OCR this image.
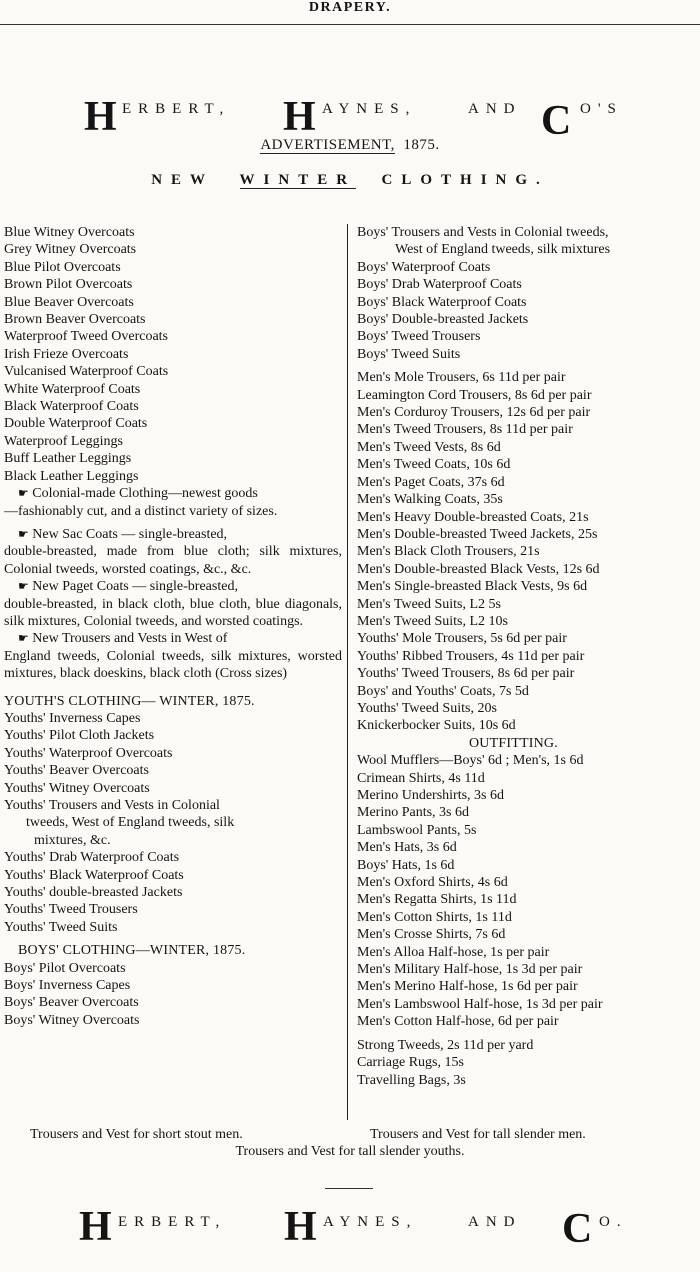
DRAPERY.
H ERBERT, H AYNES,	AND C O'S
ADVERTISEMENT, 1875.
NEW WINTER CLOTHING.
Blue Witney Overcoats
Grey Witney Overcoats
Blue Pilot Overcoats
Brown Pilot Overcoats
Blue Beaver Overcoats
Brown Beaver Overcoats
Waterproof Tweed Overcoats
Irish Frieze Overcoats
Vulcanised Waterproof Coats
White Waterproof Coats
Black Waterproof Coats
Double Waterproof Coats
Waterproof Leggings
Buff Leather Leggings
Black Leather Leggings
☛ Colonial-made Clothing—newest goods
—fashionably cut, and a distinct variety of sizes.
☛ New Sac Coats — single-breasted,
double-breasted, made from blue cloth; silk mixtures, Colonial tweeds, worsted coatings, &c., &c.
☛ New Paget Coats — single-breasted,
double-breasted, in black cloth, blue cloth, blue diagonals, silk mixtures, Colonial tweeds, and worsted coatings.
☛ New Trousers and Vests in West of
England tweeds, Colonial tweeds, silk mixtures, worsted mixtures, black doeskins, black cloth (Cross sizes)
YOUTH'S CLOTHING— WINTER, 1875.
Youths' Inverness Capes
Youths' Pilot Cloth Jackets
Youths' Waterproof Overcoats
Youths' Beaver Overcoats
Youths' Witney Overcoats
Youths' Trousers and Vests in Colonial
tweeds, West of England tweeds, silk
mixtures, &c.
Youths' Drab Waterproof Coats
Youths' Black Waterproof Coats
Youths' double-breasted Jackets
Youths' Tweed Trousers
Youths' Tweed Suits
BOYS' CLOTHING—WINTER, 1875.
Boys' Pilot Overcoats
Boys' Inverness Capes
Boys' Beaver Overcoats
Boys' Witney Overcoats
Boys' Trousers and Vests in Colonial tweeds,
West of England tweeds, silk mixtures
Boys' Waterproof Coats
Boys' Drab Waterproof Coats
Boys' Black Waterproof Coats
Boys' Double-breasted Jackets
Boys' Tweed Trousers
Boys' Tweed Suits
Men's Mole Trousers, 6s 11d per pair
Leamington Cord Trousers, 8s 6d per pair
Men's Corduroy Trousers, 12s 6d per pair
Men's Tweed Trousers, 8s 11d per pair
Men's Tweed Vests, 8s 6d
Men's Tweed Coats, 10s 6d
Men's Paget Coats, 37s 6d
Men's Walking Coats, 35s
Men's Heavy Double-breasted Coats, 21s
Men's Double-breasted Tweed Jackets, 25s
Men's Black Cloth Trousers, 21s
Men's Double-breasted Black Vests, 12s 6d
Men's Single-breasted Black Vests, 9s 6d
Men's Tweed Suits, L2 5s
Men's Tweed Suits, L2 10s
Youths' Mole Trousers, 5s 6d per pair
Youths' Ribbed Trousers, 4s 11d per pair
Youths' Tweed Trousers, 8s 6d per pair
Boys' and Youths' Coats, 7s 5d
Youths' Tweed Suits, 20s
Knickerbocker Suits, 10s 6d
OUTFITTING.
Wool Mufflers—Boys' 6d ; Men's, 1s 6d
Crimean Shirts, 4s 11d
Merino Undershirts, 3s 6d
Merino Pants, 3s 6d
Lambswool Pants, 5s
Men's Hats, 3s 6d
Boys' Hats, 1s 6d
Men's Oxford Shirts, 4s 6d
Men's Regatta Shirts, 1s 11d
Men's Cotton Shirts, 1s 11d
Men's Crosse Shirts, 7s 6d
Men's Alloa Half-hose, 1s per pair
Men's Military Half-hose, 1s 3d per pair
Men's Merino Half-hose, 1s 6d per pair
Men's Lambswool Half-hose, 1s 3d per pair
Men's Cotton Half-hose, 6d per pair
Strong Tweeds, 2s 11d per yard
Carriage Rugs, 15s
Travelling Bags, 3s
Trousers and Vest for short stout men.	Trousers and Vest for tall slender men.
Trousers and Vest for tall slender youths.
H ERBERT, H AYNES,	AND C O.
